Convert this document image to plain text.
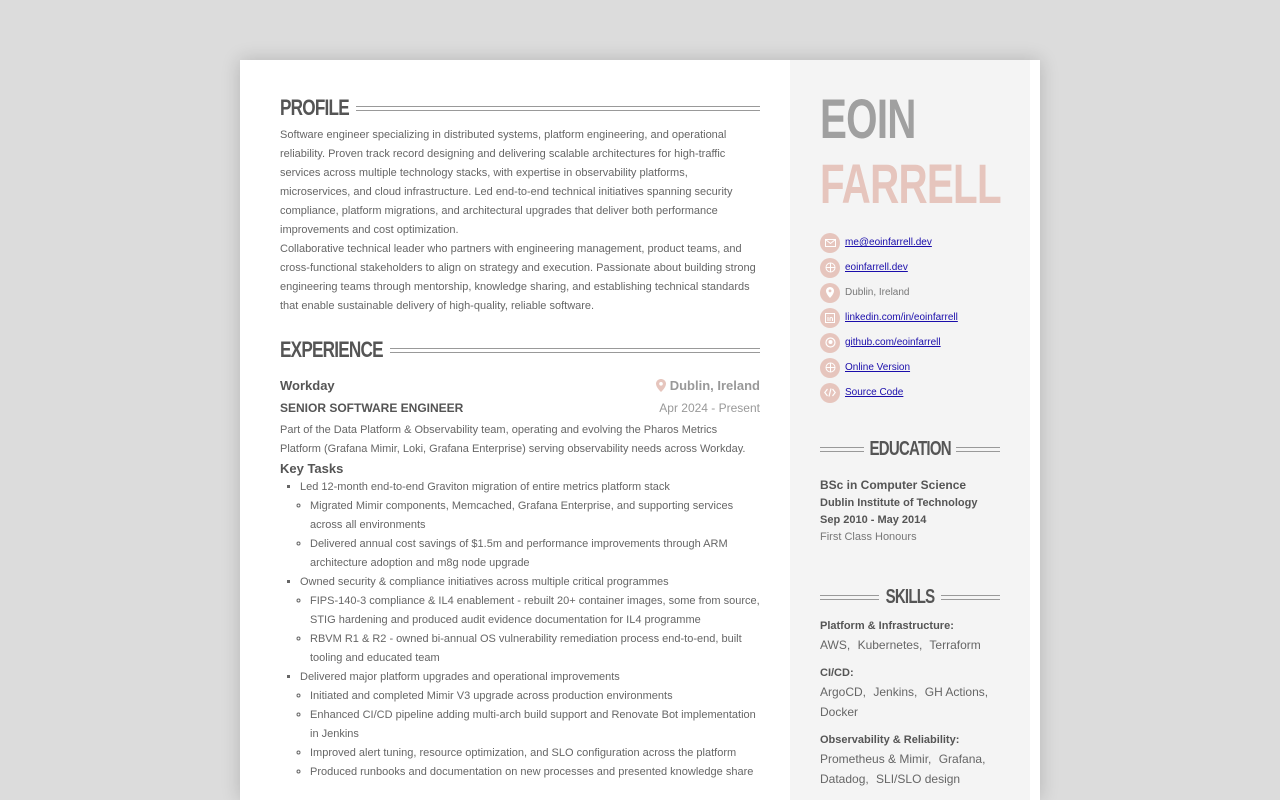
PROFILE

Software engineer specializing in distributed systems, platform engineering, and operational reliability. Proven track record designing and delivering scalable architectures for high-traffic services across multiple technology stacks, with expertise in observability platforms, microservices, and cloud infrastructure. Led end-to-end technical initiatives spanning security compliance, platform migrations, and architectural upgrades that deliver both performance improvements and cost optimization.

Collaborative technical leader who partners with engineering management, product teams, and cross-functional stakeholders to align on strategy and execution. Passionate about building strong engineering teams through mentorship, knowledge sharing, and establishing technical standards that enable sustainable delivery of high-quality, reliable software.

EXPERIENCE
Workday	Dublin, Ireland
SENIOR SOFTWARE ENGINEER	Apr 2024 - Present

Part of the Data Platform & Observability team, operating and evolving the Pharos Metrics Platform (Grafana Mimir, Loki, Grafana Enterprise) serving observability needs across Workday.

Key Tasks
▪ Led 12-month end-to-end Graviton migration of entire metrics platform stack
◦ Migrated Mimir components, Memcached, Grafana Enterprise, and supporting services across all environments
◦ Delivered annual cost savings of $1.5m and performance improvements through ARM architecture adoption and m8g node upgrade
▪ Owned security & compliance initiatives across multiple critical programmes
◦ FIPS-140-3 compliance & IL4 enablement - rebuilt 20+ container images, some from source, STIG hardening and produced audit evidence documentation for IL4 programme
◦ RBVM R1 & R2 - owned bi-annual OS vulnerability remediation process end-to-end, built tooling and educated team
▪ Delivered major platform upgrades and operational improvements
◦ Initiated and completed Mimir V3 upgrade across production environments
◦ Enhanced CI/CD pipeline adding multi-arch build support and Renovate Bot implementation in Jenkins
◦ Improved alert tuning, resource optimization, and SLO configuration across the platform
◦ Produced runbooks and documentation on new processes and presented knowledge share
EOIN
FARRELL
me@eoinfarrell.dev
eoinfarrell.dev
Dublin, Ireland
linkedin.com/in/eoinfarrell
github.com/eoinfarrell
Online Version
Source Code
EDUCATION
BSc in Computer Science
Dublin Institute of Technology
Sep 2010 - May 2014
First Class Honours
SKILLS
Platform & Infrastructure:
AWS, Kubernetes, Terraform
CI/CD:
ArgoCD, Jenkins, GH Actions, Docker
Observability & Reliability:
Prometheus & Mimir, Grafana, Datadog, SLI/SLO design
